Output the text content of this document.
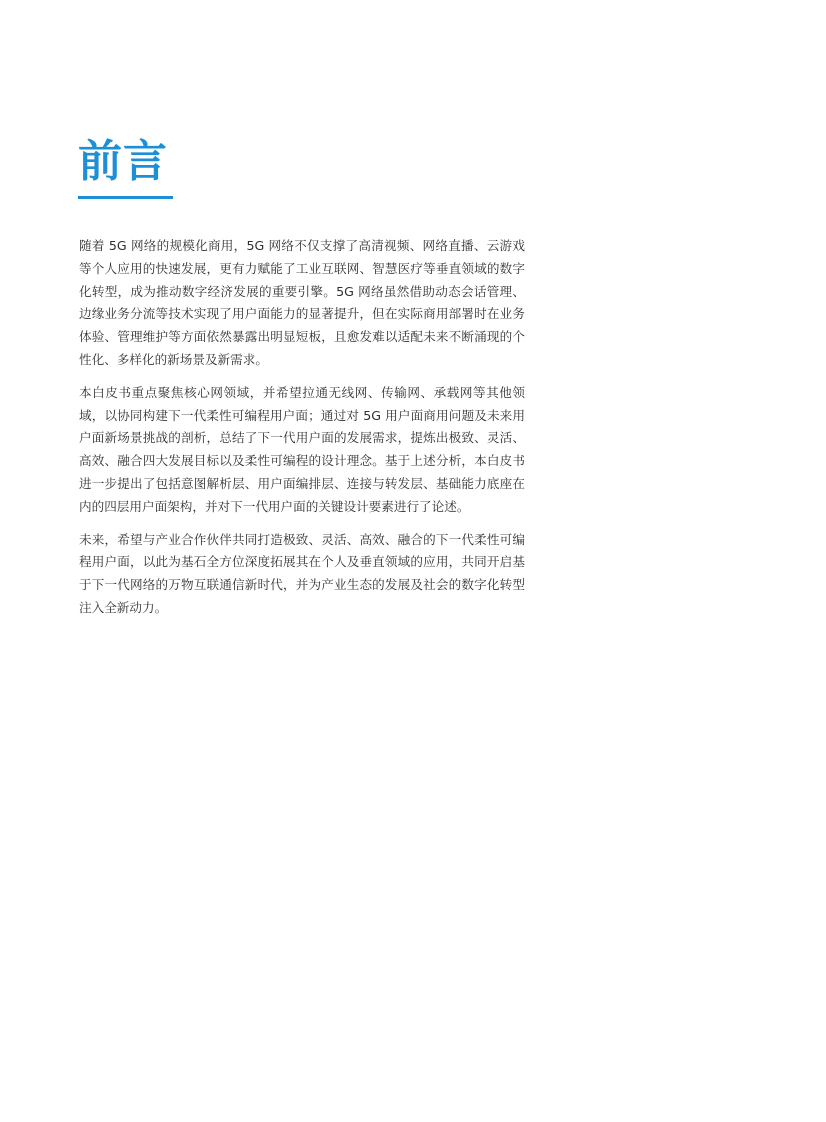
前言

随着 5G 网络的规模化商用，5G 网络不仅支撑了高清视频、网络直播、云游戏等个人应用的快速发展，更有力赋能了工业互联网、智慧医疗等垂直领域的数字化转型，成为推动数字经济发展的重要引擎。5G 网络虽然借助动态会话管理、边缘业务分流等技术实现了用户面能力的显著提升，但在实际商用部署时在业务体验、管理维护等方面依然暴露出明显短板，且愈发难以适配未来不断涌现的个性化、多样化的新场景及新需求。

本白皮书重点聚焦核心网领域，并希望拉通无线网、传输网、承载网等其他领域，以协同构建下一代柔性可编程用户面；通过对 5G 用户面商用问题及未来用户面新场景挑战的剖析，总结了下一代用户面的发展需求，提炼出极致、灵活、高效、融合四大发展目标以及柔性可编程的设计理念。基于上述分析，本白皮书进一步提出了包括意图解析层、用户面编排层、连接与转发层、基础能力底座在内的四层用户面架构，并对下一代用户面的关键设计要素进行了论述。

未来，希望与产业合作伙伴共同打造极致、灵活、高效、融合的下一代柔性可编程用户面，以此为基石全方位深度拓展其在个人及垂直领域的应用，共同开启基于下一代网络的万物互联通信新时代，并为产业生态的发展及社会的数字化转型注入全新动力。
